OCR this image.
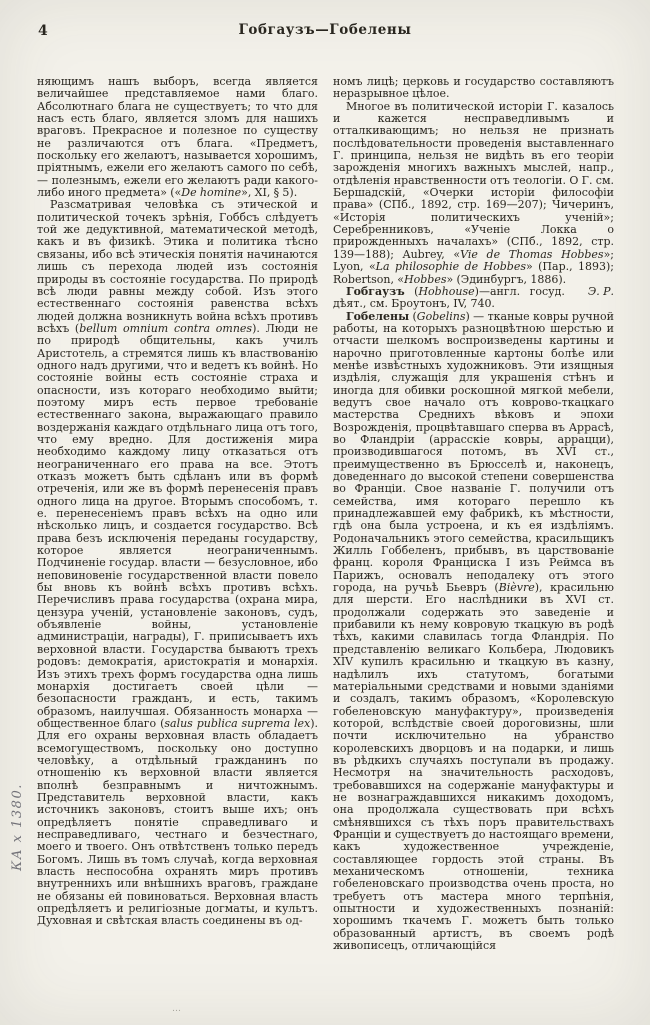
4	Гобгаузъ—Гобелены

няющимъ нашъ выборъ, всегда является величайшее представляемое нами благо. Абсолютнаго блага не существуетъ; то что для насъ есть благо, является зломъ для нашихъ враговъ. Прекрасное и полезное по существу не различаются отъ блага. «Предметъ, поскольку его желаютъ, называется хорошимъ, пріятнымъ, ежели его желаютъ самого по себѣ, — полезнымъ, ежели его желаютъ ради какого-либо иного предмета» («De homine», XI, § 5).

Разсматривая человѣка съ этической и политической точекъ зрѣнія, Гоббсъ слѣдуетъ той же дедуктивной, математической методѣ, какъ и въ физикѣ. Этика и политика тѣсно связаны, ибо всѣ этическія понятія начинаются лишь съ перехода людей изъ состоянія природы въ состояніе государства. По природѣ всѣ люди равны между собой. Изъ этого естественнаго состоянія равенства всѣхъ людей должна возникнуть война всѣхъ противъ всѣхъ (bellum omnium contra omnes). Люди не по природѣ общительны, какъ училъ Аристотель, а стремятся лишь къ властвованію одного надъ другими, что и ведетъ къ войнѣ. Но состояніе войны есть состояніе страха и опасности, изъ котораго необходимо выйти; поэтому миръ есть первое требованіе естественнаго закона, выражающаго правило воздержанія каждаго отдѣльнаго лица отъ того, что ему вредно. Для достиженія мира необходимо каждому лицу отказаться отъ неограниченнаго его права на все. Этотъ отказъ можетъ быть сдѣланъ или въ формѣ отреченія, или же въ формѣ перенесенія правъ одного лица на другое. Вторымъ способомъ, т. е. перенесеніемъ правъ всѣхъ на одно или нѣсколько лицъ, и создается государство. Всѣ права безъ исключенія переданы государству, которое является неограниченнымъ. Подчиненіе государ. власти — безусловное, ибо неповиновеніе государственной власти повело бы вновь къ войнѣ всѣхъ противъ всѣхъ. Перечисливъ права государства (охрана мира, цензура ученій, установленіе законовъ, судъ, объявленіе войны, установленіе администраціи, награды), Г. приписываетъ ихъ верховной власти. Государства бываютъ трехъ родовъ: демократія, аристократія и монархія. Изъ этихъ трехъ формъ государства одна лишь монархія достигаетъ своей цѣли — безопасности гражданъ, и есть, такимъ образомъ, наилучшая. Обязанность монарха — общественное благо (salus publica suprema lex). Для его охраны верховная власть обладаетъ всемогуществомъ, поскольку оно доступно человѣку, а отдѣльный гражданинъ по отношенію къ верховной власти является вполнѣ безправнымъ и ничтожнымъ. Представитель верховной власти, какъ источникъ законовъ, стоитъ выше ихъ; онъ опредѣляетъ понятіе справедливаго и несправедливаго, честнаго и безчестнаго, моего и твоего. Онъ отвѣтственъ только передъ Богомъ. Лишь въ томъ случаѣ, когда верховная власть неспособна охранять миръ противъ внутреннихъ или внѣшнихъ враговъ, граждане не обязаны ей повиноваться. Верховная власть опредѣляетъ и религіозные догматы, и культъ. Духовная и свѣтская власть соединены въ од-

номъ лицѣ; церковь и государство составляютъ неразрывное цѣлое.

Многое въ политической исторіи Г. казалось и кажется несправедливымъ и отталкивающимъ; но нельзя не признать послѣдовательности проведенія выставленнаго Г. принципа, нельзя не видѣть въ его теоріи зарожденія многихъ важныхъ мыслей, напр., отдѣленія нравственности отъ теологіи. О Г. см. Бершадскій, «Очерки исторіи философіи права» (СПб., 1892, стр. 169—207); Чичеринъ, «Исторія политическихъ ученій»; Серебренниковъ, «Ученіе Локка о прирожденныхъ началахъ» (СПб., 1892, стр. 139—188); Aubrey, «Vie de Thomas Hobbes»; Lyon, «La philosophie de Hobbes» (Пар., 1893); Robertson, «Hobbes» (Эдинбургъ, 1886).
Э. Р.

Гобгаузъ (Hobhouse)—англ. госуд. дѣят., см. Броутонъ, IV, 740.

Гобелены (Gobelins) — тканые ковры ручной работы, на которыхъ разноцвѣтною шерстью и отчасти шелкомъ воспроизведены картины и нарочно приготовленные картоны болѣе или менѣе извѣстныхъ художниковъ. Эти изящныя издѣлія, служащія для украшенія стѣнъ и иногда для обивки роскошной мягкой мебели, ведутъ свое начало отъ коврово-ткацкаго мастерства Среднихъ вѣковъ и эпохи Возрожденія, процвѣтавшаго сперва въ Аррасѣ, во Фландріи (аррасскіе ковры, аррацци), производившагося потомъ, въ XVI ст., преимущественно въ Брюсселѣ и, наконецъ, доведеннаго до высокой степени совершенства во Франціи. Свое названіе Г. получили отъ семейства, имя котораго перешло къ принадлежавшей ему фабрикѣ, къ мѣстности, гдѣ она была устроена, и къ ея издѣліямъ. Родоначальникъ этого семейства, красильщикъ Жилль Гоббеленъ, прибывъ, въ царствованіе франц. короля Франциска I изъ Реймса въ Парижъ, основалъ неподалеку отъ этого города, на ручьѣ Бьевръ (Bièvre), красильню для шерсти. Его наслѣдники въ XVI ст. продолжали содержать это заведеніе и прибавили къ нему ковровую ткацкую въ родѣ тѣхъ, какими славилась тогда Фландрія. По представленію великаго Кольбера, Людовикъ XIV купилъ красильню и ткацкую въ казну, надѣлилъ ихъ статутомъ, богатыми матеріальными средствами и новыми зданіями и создалъ, такимъ образомъ, «Королевскую гобеленовскую мануфактуру», произведенія которой, вслѣдствіе своей дороговизны, шли почти исключительно на убранство королевскихъ дворцовъ и на подарки, и лишь въ рѣдкихъ случаяхъ поступали въ продажу. Несмотря на значительность расходовъ, требовавшихся на содержаніе мануфактуры и не вознаграждавшихся никакимъ доходомъ, она продолжала существовать при всѣхъ смѣнявшихся съ тѣхъ поръ правительствахъ Франціи и существуетъ до настоящаго времени, какъ художественное учрежденіе, составляющее гордость этой страны. Въ механическомъ отношеніи, техника гобеленовскаго производства очень проста, но требуетъ отъ мастера много терпѣнія, опытности и художественныхъ познаній: хорошимъ ткачемъ Г. можетъ быть только образованный артистъ, въ своемъ родѣ живописецъ, отличающійся

КА х 1380.
…
